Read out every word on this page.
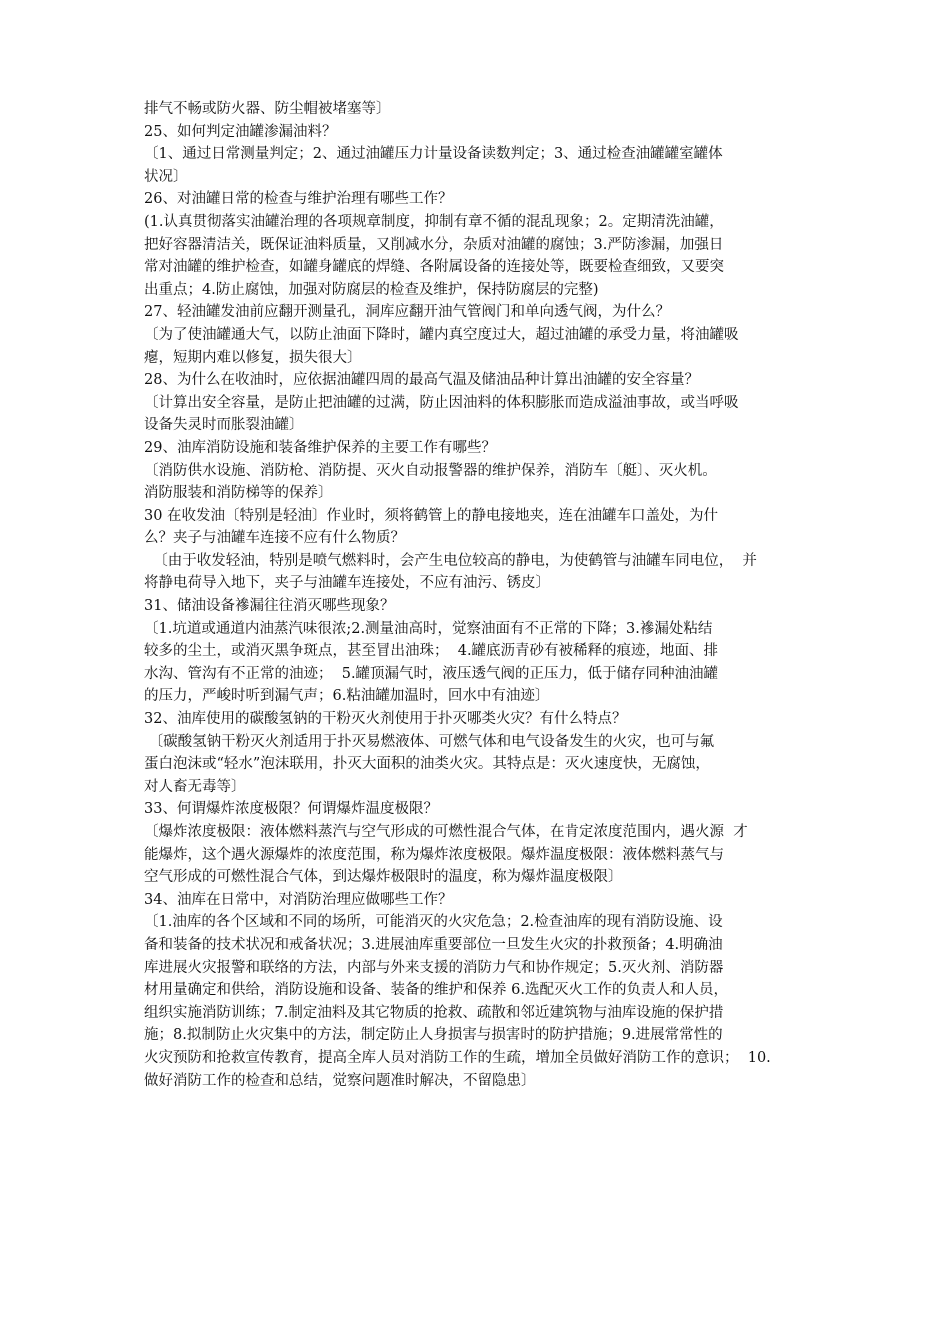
排气不畅或防火器、防尘帽被堵塞等〕
25、如何判定油罐渗漏油料？
〔1、通过日常测量判定；2、通过油罐压力计量设备读数判定；3、通过检查油罐罐室罐体
状况〕
26、对油罐日常的检查与维护治理有哪些工作？
(1.认真贯彻落实油罐治理的各项规章制度，抑制有章不循的混乱现象；2。定期清洗油罐，
把好容器清洁关，既保证油料质量，又削减水分，杂质对油罐的腐蚀；3.严防渗漏，加强日
常对油罐的维护检查，如罐身罐底的焊缝、各附属设备的连接处等，既要检查细致，又要突
出重点；4.防止腐蚀，加强对防腐层的检查及维护，保持防腐层的完整)
27、轻油罐发油前应翻开测量孔，洞库应翻开油气管阀门和单向透气阀，为什么？
〔为了使油罐通大气，以防止油面下降时，罐内真空度过大，超过油罐的承受力量，将油罐吸
瘪，短期内难以修复，损失很大〕
28、为什么在收油时，应依据油罐四周的最高气温及储油品种计算出油罐的安全容量？
〔计算出安全容量，是防止把油罐的过满，防止因油料的体积膨胀而造成溢油事故，或当呼吸
设备失灵时而胀裂油罐〕
29、油库消防设施和装备维护保养的主要工作有哪些？
〔消防供水设施、消防枪、消防提、灭火自动报警器的维护保养，消防车〔艇〕、灭火机。
消防服装和消防梯等的保养〕
30 在收发油〔特别是轻油〕作业时，须将鹤管上的静电接地夹，连在油罐车口盖处，为什
么？夹子与油罐车连接不应有什么物质？
〔由于收发轻油，特别是喷气燃料时，会产生电位较高的静电，为使鹤管与油罐车同电位，  并
将静电荷导入地下，夹子与油罐车连接处，不应有油污、锈皮〕
31、储油设备襂漏往往消灭哪些现象？
〔1.坑道或通道内油蒸汽味很浓;2.测量油高时，觉察油面有不正常的下降；3.襂漏处粘结
较多的尘土，或消灭黑争斑点，甚至冒出油珠；  4.罐底沥青砂有被稀释的痕迹，地面、排
水沟、管沟有不正常的油迹；  5.罐顶漏气时，液压透气阀的正压力，低于储存同种油油罐
的压力，严峻时听到漏气声；6.粘油罐加温时，回水中有油迹〕
32、油库使用的碳酸氢钠的干粉灭火剂使用于扑灭哪类火灾？有什么特点？
〔碳酸氢钠干粉灭火剂适用于扑灭易燃液体、可燃气体和电气设备发生的火灾，也可与氟
蛋白泡沫或“轻水”泡沫联用，扑灭大面积的油类火灾。其特点是：灭火速度快，无腐蚀，
对人畜无毒等〕
33、何谓爆炸浓度极限？何谓爆炸温度极限？
〔爆炸浓度极限：液体燃料蒸汽与空气形成的可燃性混合气体，在肯定浓度范围内，遇火源  才
能爆炸，这个遇火源爆炸的浓度范围，称为爆炸浓度极限。爆炸温度极限：液体燃料蒸气与
空气形成的可燃性混合气体，到达爆炸极限时的温度，称为爆炸温度极限〕
34、油库在日常中，对消防治理应做哪些工作？
〔1.油库的各个区域和不同的场所，可能消灭的火灾危急；2.检查油库的现有消防设施、设
备和装备的技术状况和戒备状况；3.进展油库重要部位一旦发生火灾的扑救预备；4.明确油
库进展火灾报警和联络的方法，内部与外来支援的消防力气和协作规定；5.灭火剂、消防器
材用量确定和供给，消防设施和设备、装备的维护和保养 6.选配灭火工作的负责人和人员，
组织实施消防训练；7.制定油料及其它物质的抢救、疏散和邻近建筑物与油库设施的保护措
施；8.拟制防止火灾集中的方法，制定防止人身损害与损害时的防护措施；9.进展常常性的
火灾预防和抢救宣传教育，提高全库人员对消防工作的生疏，增加全员做好消防工作的意识；  10.
做好消防工作的检查和总结，觉察问题准时解决，不留隐患〕
